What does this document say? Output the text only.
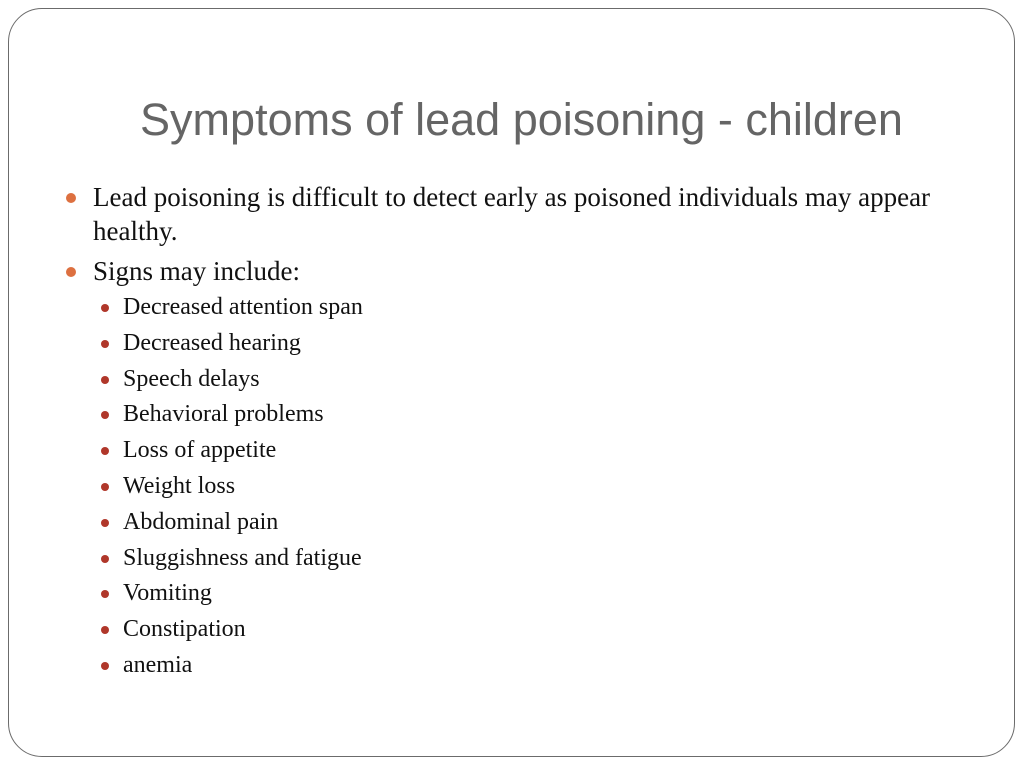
Symptoms of lead poisoning - children
Lead poisoning is difficult to detect early as poisoned individuals may appear healthy.
Signs may include:
Decreased attention span
Decreased hearing
Speech delays
Behavioral problems
Loss of appetite
Weight loss
Abdominal pain
Sluggishness and fatigue
Vomiting
Constipation
anemia
